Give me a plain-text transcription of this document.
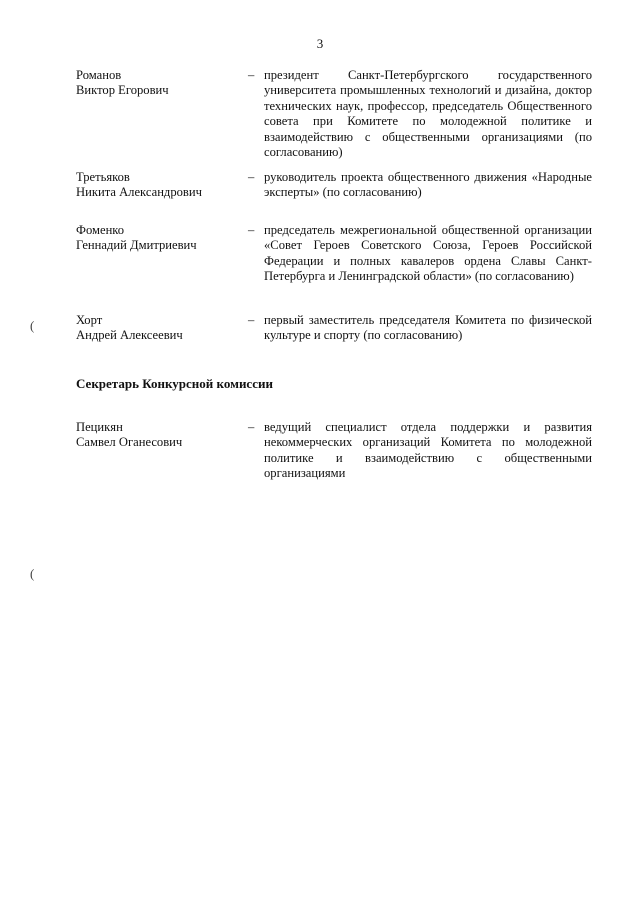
3
Романов
Виктор Егорович
– президент Санкт-Петербургского государственного университета промышленных технологий и дизайна, доктор технических наук, профессор, председатель Общественного совета при Комитете по молодежной политике и взаимодействию с общественными организациями (по согласованию)
Третьяков
Никита Александрович
– руководитель проекта общественного движения «Народные эксперты» (по согласованию)
Фоменко
Геннадий Дмитриевич
– председатель межрегиональной общественной организации «Совет Героев Советского Союза, Героев Российской Федерации и полных кавалеров ордена Славы Санкт-Петербурга и Ленинградской области» (по согласованию)
Хорт
Андрей Алексеевич
– первый заместитель председателя Комитета по физической культуре и спорту (по согласованию)
Секретарь Конкурсной комиссии
Пецикян
Самвел Оганесович
– ведущий специалист отдела поддержки и развития некоммерческих организаций Комитета по молодежной политике и взаимодействию с общественными организациями
(
(
